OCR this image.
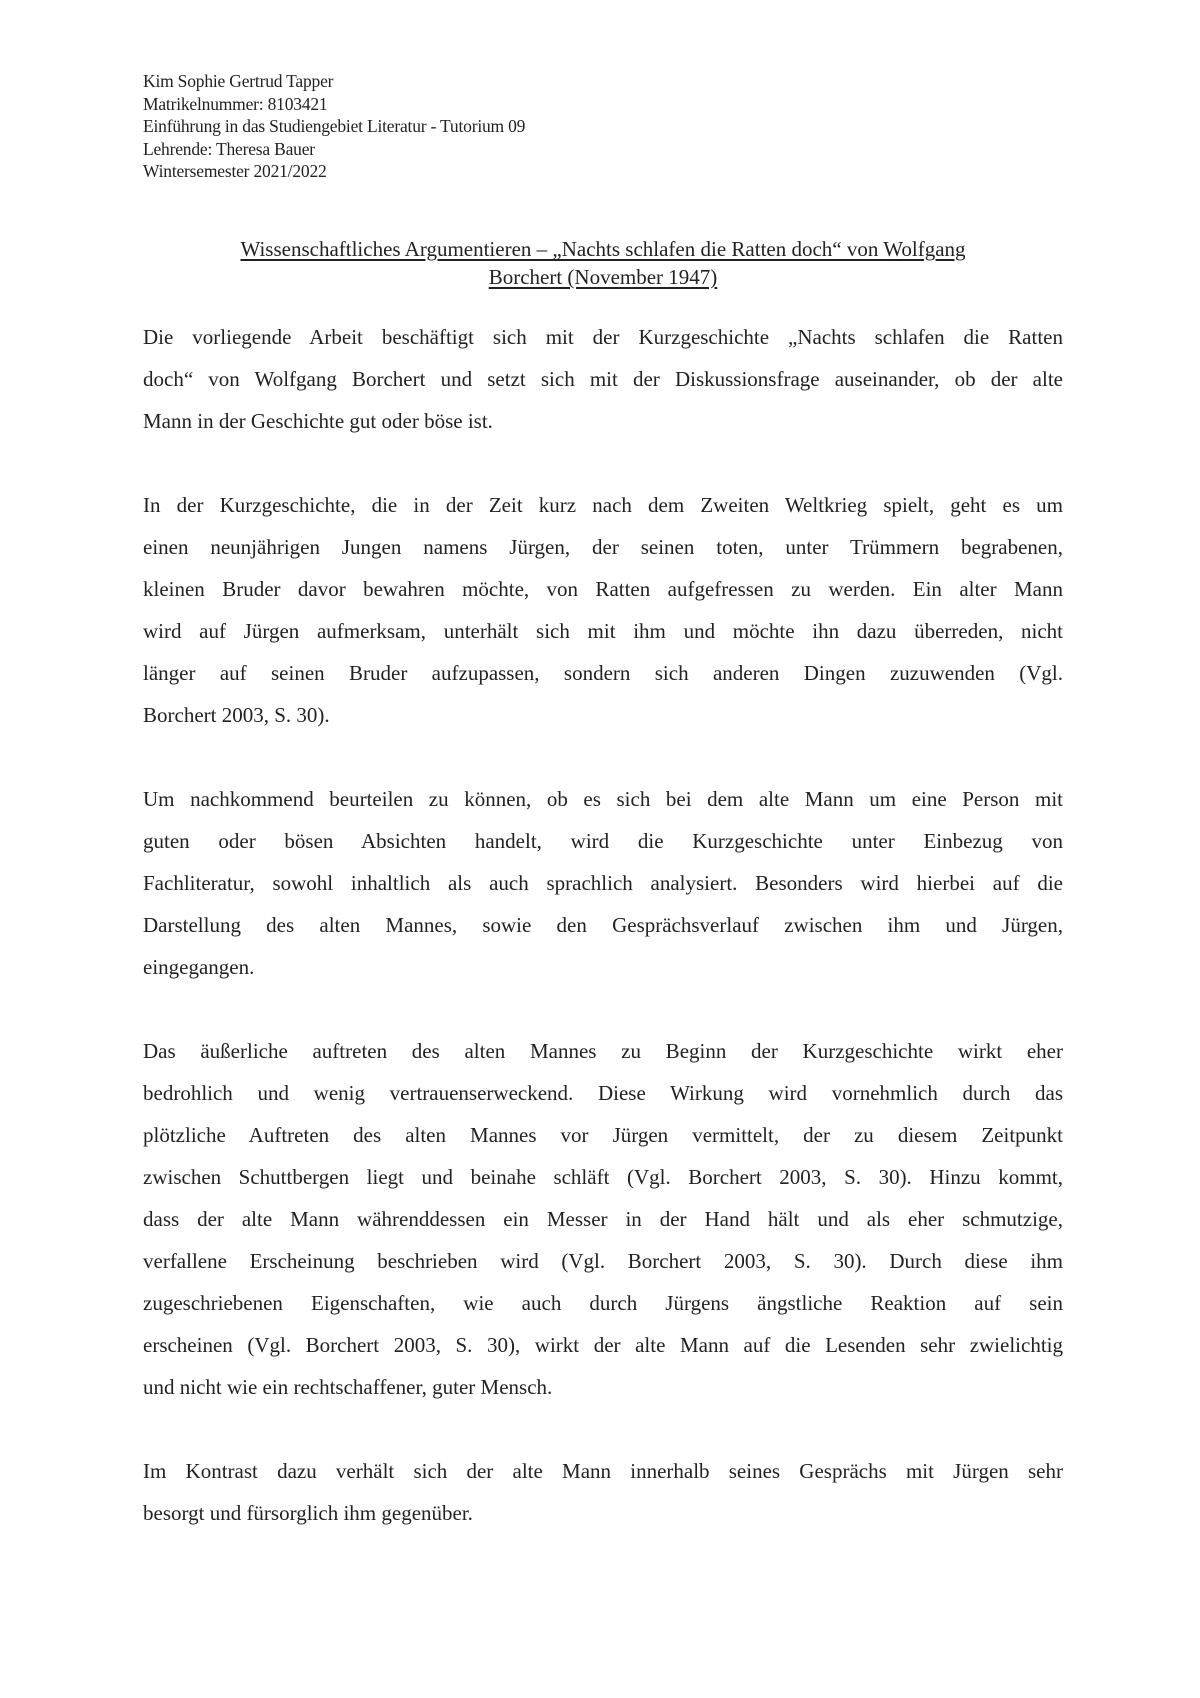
Kim Sophie Gertrud Tapper
Matrikelnummer: 8103421
Einführung in das Studiengebiet Literatur - Tutorium 09
Lehrende: Theresa Bauer
Wintersemester 2021/2022
Wissenschaftliches Argumentieren – „Nachts schlafen die Ratten doch“ von Wolfgang
Borchert (November 1947)

Die vorliegende Arbeit beschäftigt sich mit der Kurzgeschichte „Nachts schlafen die Ratten
doch“ von Wolfgang Borchert und setzt sich mit der Diskussionsfrage auseinander, ob der alte
Mann in der Geschichte gut oder böse ist.

In der Kurzgeschichte, die in der Zeit kurz nach dem Zweiten Weltkrieg spielt, geht es um
einen neunjährigen Jungen namens Jürgen, der seinen toten, unter Trümmern begrabenen,
kleinen Bruder davor bewahren möchte, von Ratten aufgefressen zu werden. Ein alter Mann
wird auf Jürgen aufmerksam, unterhält sich mit ihm und möchte ihn dazu überreden, nicht
länger auf seinen Bruder aufzupassen, sondern sich anderen Dingen zuzuwenden (Vgl.
Borchert 2003, S. 30).

Um nachkommend beurteilen zu können, ob es sich bei dem alte Mann um eine Person mit
guten oder bösen Absichten handelt, wird die Kurzgeschichte unter Einbezug von
Fachliteratur, sowohl inhaltlich als auch sprachlich analysiert. Besonders wird hierbei auf die
Darstellung des alten Mannes, sowie den Gesprächsverlauf zwischen ihm und Jürgen,
eingegangen.

Das äußerliche auftreten des alten Mannes zu Beginn der Kurzgeschichte wirkt eher
bedrohlich und wenig vertrauenserweckend. Diese Wirkung wird vornehmlich durch das
plötzliche Auftreten des alten Mannes vor Jürgen vermittelt, der zu diesem Zeitpunkt
zwischen Schuttbergen liegt und beinahe schläft (Vgl. Borchert 2003, S. 30). Hinzu kommt,
dass der alte Mann währenddessen ein Messer in der Hand hält und als eher schmutzige,
verfallene Erscheinung beschrieben wird (Vgl. Borchert 2003, S. 30). Durch diese ihm
zugeschriebenen Eigenschaften, wie auch durch Jürgens ängstliche Reaktion auf sein
erscheinen (Vgl. Borchert 2003, S. 30), wirkt der alte Mann auf die Lesenden sehr zwielichtig
und nicht wie ein rechtschaffener, guter Mensch.

Im Kontrast dazu verhält sich der alte Mann innerhalb seines Gesprächs mit Jürgen sehr
besorgt und fürsorglich ihm gegenüber.
